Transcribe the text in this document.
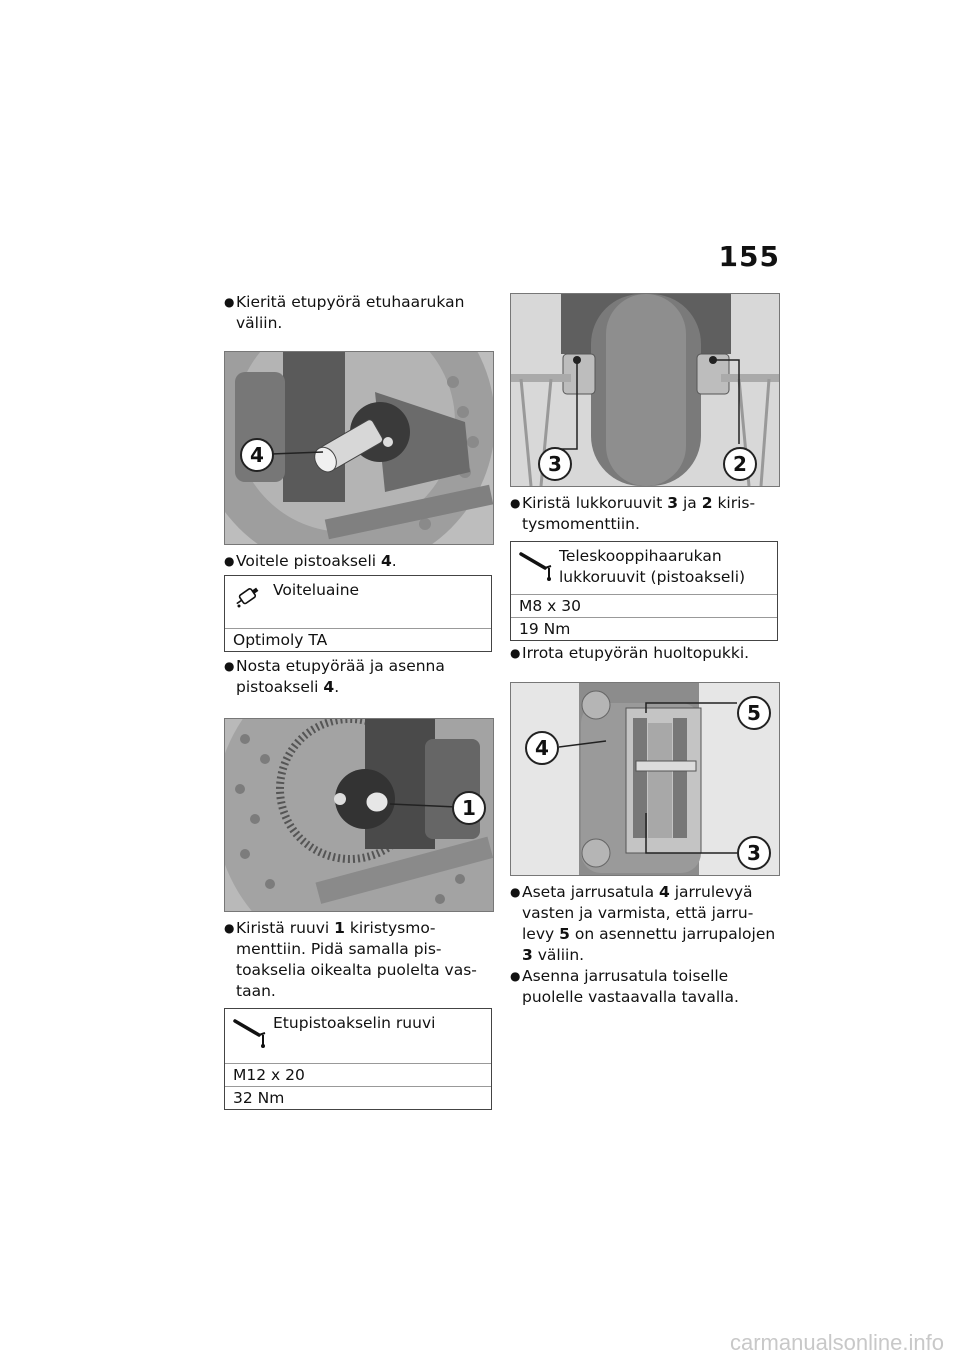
155

● Kieritä etupyörä etuhaarukan väliin.

4

● Voitele pistoakseli 4.

Voiteluaine
Optimoly TA

● Nosta etupyörää ja asenna pistoakseli 4.

1

● Kiristä ruuvi 1 kiristysmomenttiin. Pidä samalla pistoakselia oikealta puolelta vastaan.

Etupistoakselin ruuvi
M12 x 20
32 Nm
3	2

● Kiristä lukkoruuvit 3 ja 2 kiristysmomenttiin.

Teleskooppihaarukan lukkoruuvit (pistoakseli)
M8 x 30
19 Nm

● Irrota etupyörän huoltopukki.

4
5
3

● Aseta jarrusatula 4 jarrulevyä vasten ja varmista, että jarrulevy 5 on asennettu jarrupalojen 3 väliin.

● Asenna jarrusatula toiselle puolelle vastaavalla tavalla.

carmanualsonline.info
